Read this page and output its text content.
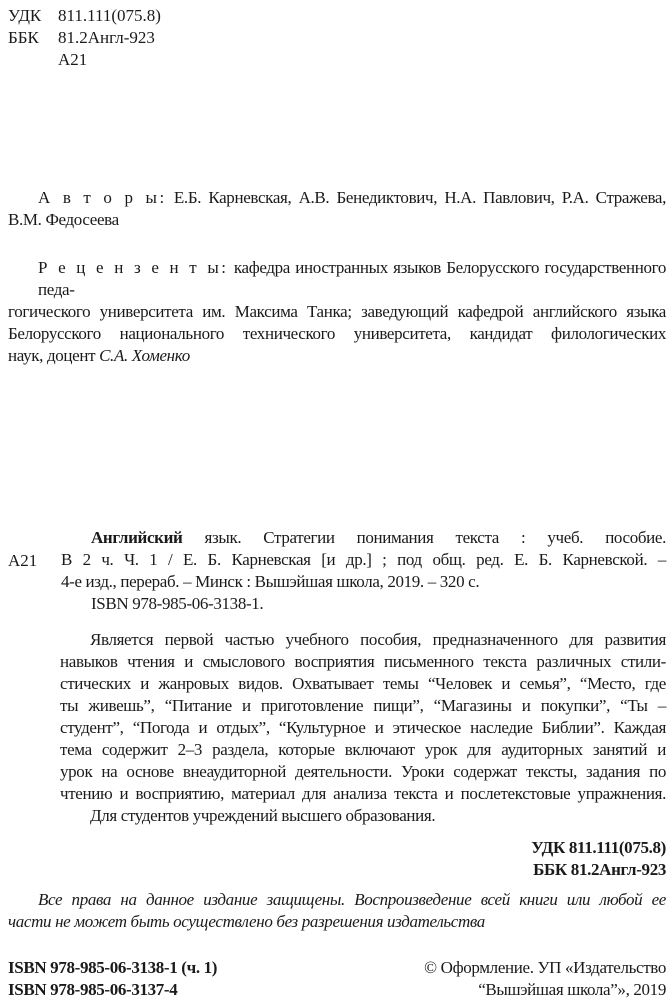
УДК 811.111(075.8)
ББК	81.2Англ-923
А21
А в т о р ы: Е.Б. Карневская, А.В. Бенедиктович, Н.А. Павлович, Р.А. Стражева,
В.М. Федосеева
Р е ц е н з е н т ы: кафедра иностранных языков Белорусского государственного педа-
гогического университета им. Максима Танка; заведующий кафедрой английского языка
Белорусского национального технического университета, кандидат филологических
наук, доцент С.А. Хоменко
А21
Английский язык. Стратегии понимания текста : учеб. пособие.
В 2 ч. Ч. 1 / Е. Б. Карневская [и др.] ; под общ. ред. Е. Б. Карневской. –
4-е изд., перераб. – Минск : Вышэйшая школа, 2019. – 320 с.
ISBN 978-985-06-3138-1.
Является первой частью учебного пособия, предназначенного для развития
навыков чтения и смыслового восприятия письменного текста различных стили-
стических и жанровых видов. Охватывает темы “Человек и семья”, “Место, где
ты живешь”, “Питание и приготовление пищи”, “Магазины и покупки”, “Ты –
студент”, “Погода и отдых”, “Культурное и этическое наследие Библии”. Каждая
тема содержит 2–3 раздела, которые включают урок для аудиторных занятий и
урок на основе внеаудиторной деятельности. Уроки содержат тексты, задания по
чтению и восприятию, материал для анализа текста и послетекстовые упражнения.
Для студентов учреждений высшего образования.
УДК 811.111(075.8)
ББК 81.2Англ-923
Все права на данное издание защищены. Воспроизведение всей книги или любой ее
части не может быть осуществлено без разрешения издательства
ISBN 978-985-06-3138-1 (ч. 1)	© Оформление. УП «Издательство
ISBN 978-985-06-3137-4	“Вышэйшая школа”», 2019
